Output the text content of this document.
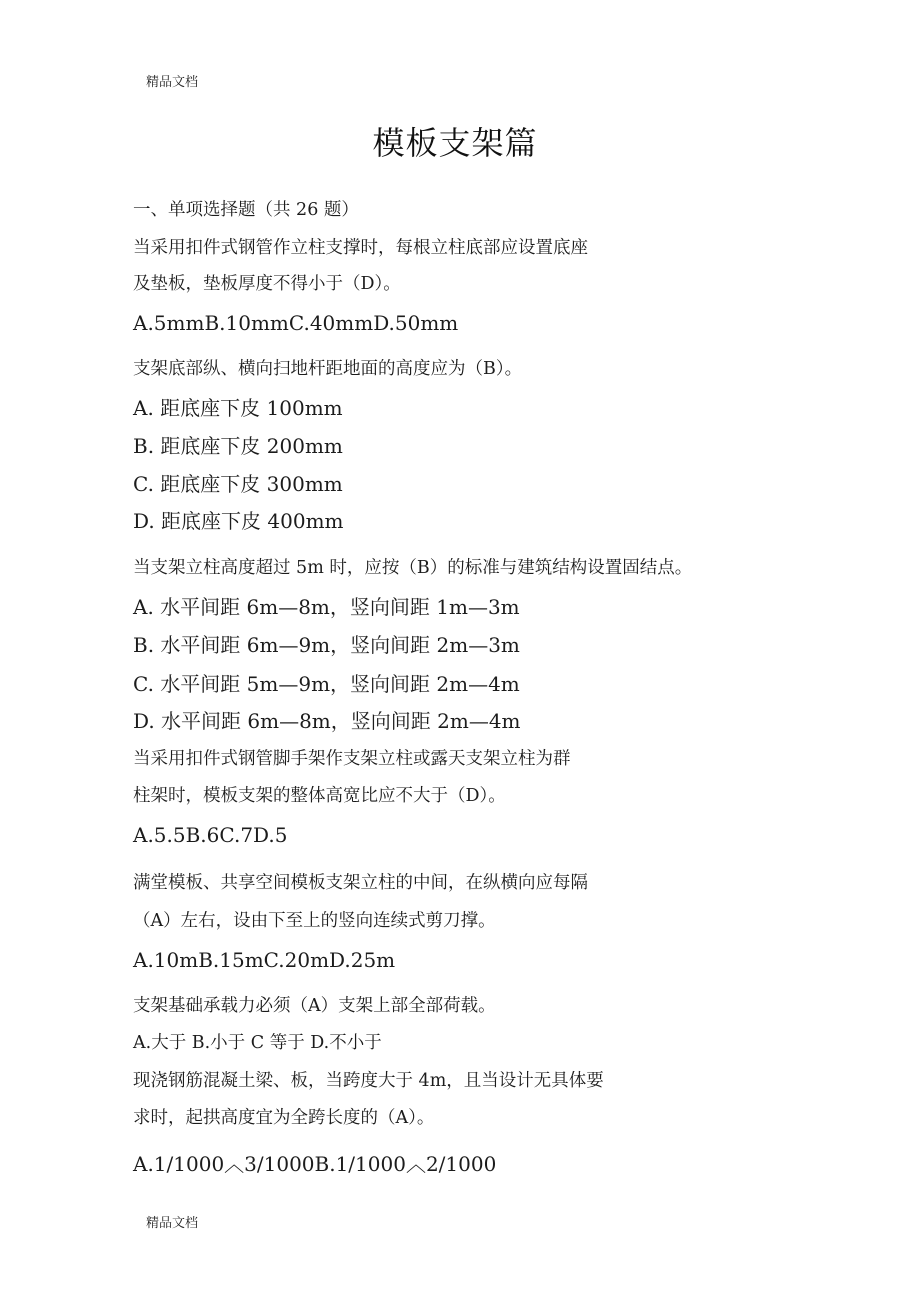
精品文档
模板支架篇
一、单项选择题（共 26 题）
当采用扣件式钢管作立柱支撑时，每根立柱底部应设置底座
及垫板，垫板厚度不得小于（D）。
A.5mmB.10mmC.40mmD.50mm
支架底部纵、横向扫地杆距地面的高度应为（B）。
A. 距底座下皮 100mm
B. 距底座下皮 200mm
C. 距底座下皮 300mm
D. 距底座下皮 400mm
当支架立柱高度超过 5m 时，应按（B）的标准与建筑结构设置固结点。
A. 水平间距 6m—8m，竖向间距 1m—3m
B. 水平间距 6m—9m，竖向间距 2m—3m
C. 水平间距 5m—9m，竖向间距 2m—4m
D. 水平间距 6m—8m，竖向间距 2m—4m
当采用扣件式钢管脚手架作支架立柱或露天支架立柱为群
柱架时，模板支架的整体高宽比应不大于（D）。
A.5.5B.6C.7D.5
满堂模板、共享空间模板支架立柱的中间，在纵横向应每隔
（A）左右，设由下至上的竖向连续式剪刀撑。
A.10mB.15mC.20mD.25m
支架基础承载力必须（A）支架上部全部荷载。
A.大于 B.小于 C 等于 D.不小于
现浇钢筋混凝土梁、板，当跨度大于 4m，且当设计无具体要
求时，起拱高度宜为全跨长度的（A）。
A.1/1000︿3/1000B.1/1000︿2/1000
精品文档
